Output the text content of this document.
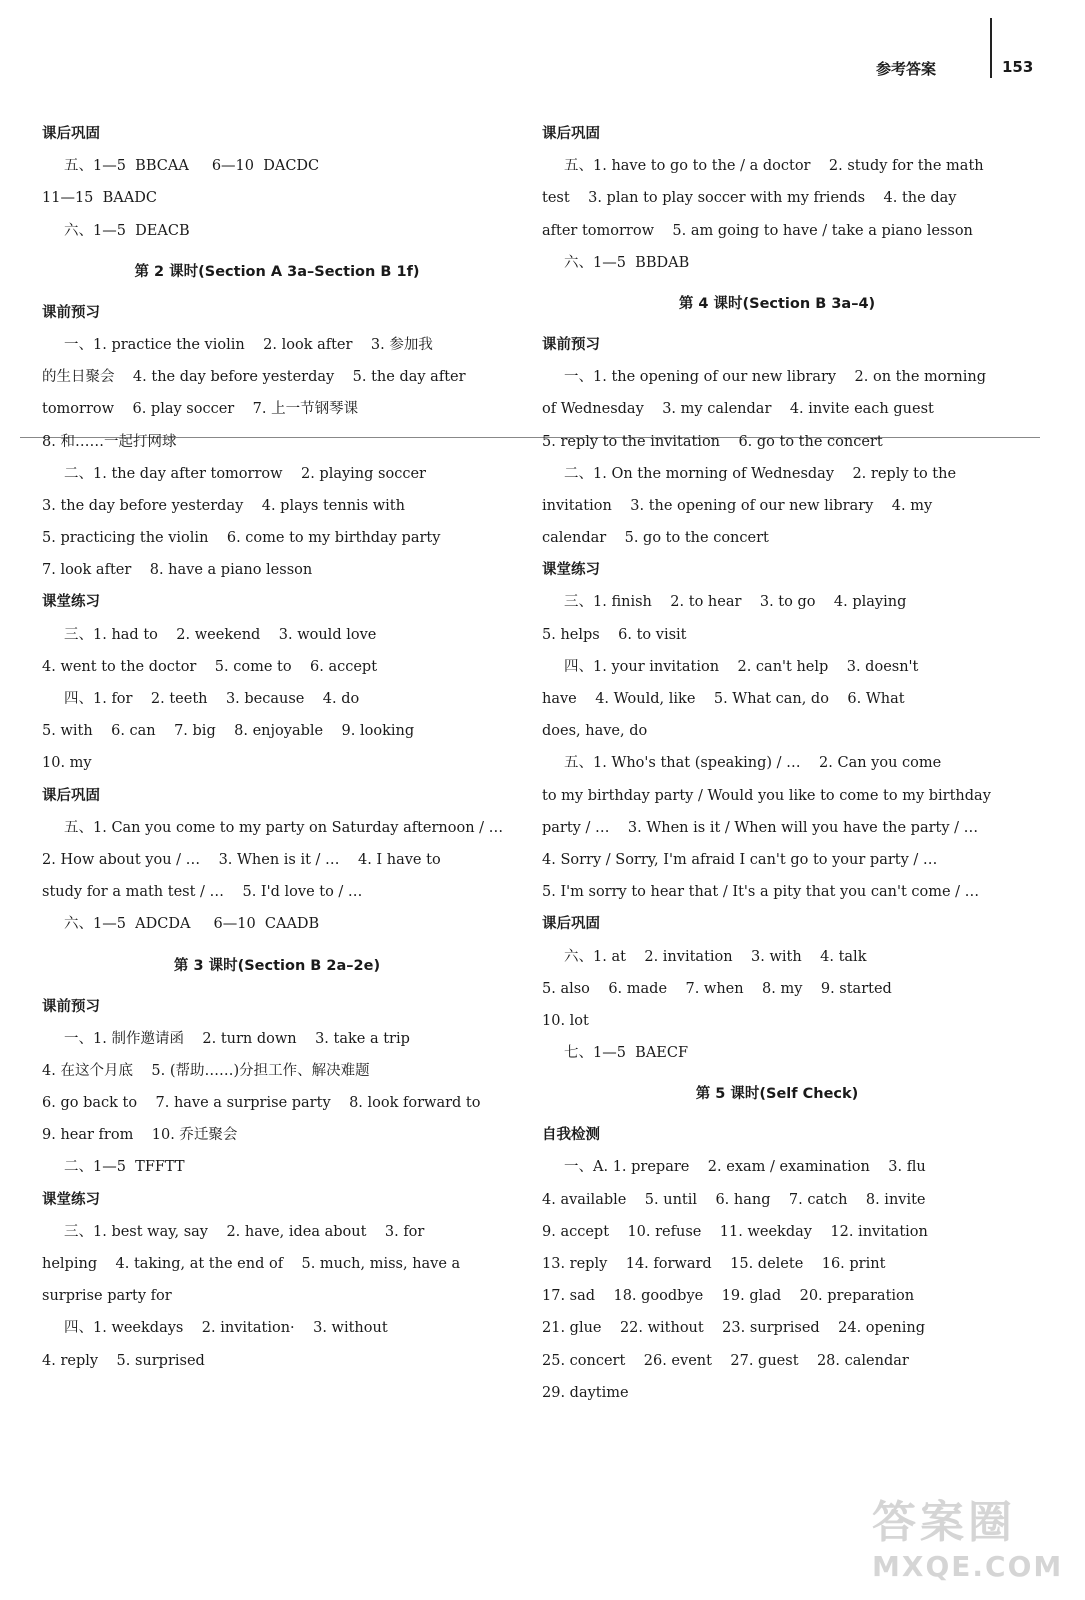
参考答案	153
课后巩固
五、1—5  BBCAA     6—10  DACDC
11—15  BAADC
六、1—5  DEACB
第 2 课时(Section A 3a–Section B 1f)
课前预习
一、1. practice the violin    2. look after    3. 参加我
的生日聚会    4. the day before yesterday    5. the day after
tomorrow    6. play soccer    7. 上一节钢琴课
8. 和……一起打网球
二、1. the day after tomorrow    2. playing soccer
3. the day before yesterday    4. plays tennis with
5. practicing the violin    6. come to my birthday party
7. look after    8. have a piano lesson
课堂练习
三、1. had to    2. weekend    3. would love
4. went to the doctor    5. come to    6. accept
四、1. for    2. teeth    3. because    4. do
5. with    6. can    7. big    8. enjoyable    9. looking
10. my
课后巩固
五、1. Can you come to my party on Saturday afternoon / …
2. How about you / …    3. When is it / …    4. I have to
study for a math test / …    5. I'd love to / …
六、1—5  ADCDA     6—10  CAADB
第 3 课时(Section B 2a–2e)
课前预习
一、1. 制作邀请函    2. turn down    3. take a trip
4. 在这个月底    5. (帮助……)分担工作、解决难题
6. go back to    7. have a surprise party    8. look forward to
9. hear from    10. 乔迁聚会
二、1—5  TFFTT
课堂练习
三、1. best way, say    2. have, idea about    3. for
helping    4. taking, at the end of    5. much, miss, have a
surprise party for
四、1. weekdays    2. invitation·    3. without
4. reply    5. surprised
课后巩固
五、1. have to go to the / a doctor    2. study for the math
test    3. plan to play soccer with my friends    4. the day
after tomorrow    5. am going to have / take a piano lesson
六、1—5  BBDAB
第 4 课时(Section B 3a–4)
课前预习
一、1. the opening of our new library    2. on the morning
of Wednesday    3. my calendar    4. invite each guest
5. reply to the invitation    6. go to the concert
二、1. On the morning of Wednesday    2. reply to the
invitation    3. the opening of our new library    4. my
calendar    5. go to the concert
课堂练习
三、1. finish    2. to hear    3. to go    4. playing
5. helps    6. to visit
四、1. your invitation    2. can't help    3. doesn't
have    4. Would, like    5. What can, do    6. What
does, have, do
五、1. Who's that (speaking) / …    2. Can you come
to my birthday party / Would you like to come to my birthday
party / …    3. When is it / When will you have the party / …
4. Sorry / Sorry, I'm afraid I can't go to your party / …
5. I'm sorry to hear that / It's a pity that you can't come / …
课后巩固
六、1. at    2. invitation    3. with    4. talk
5. also    6. made    7. when    8. my    9. started
10. lot
七、1—5  BAECF
第 5 课时(Self Check)
自我检测
一、A. 1. prepare    2. exam / examination    3. flu
4. available    5. until    6. hang    7. catch    8. invite
9. accept    10. refuse    11. weekday    12. invitation
13. reply    14. forward    15. delete    16. print
17. sad    18. goodbye    19. glad    20. preparation
21. glue    22. without    23. surprised    24. opening
25. concert    26. event    27. guest    28. calendar
29. daytime
答案圈
MXQE.COM
